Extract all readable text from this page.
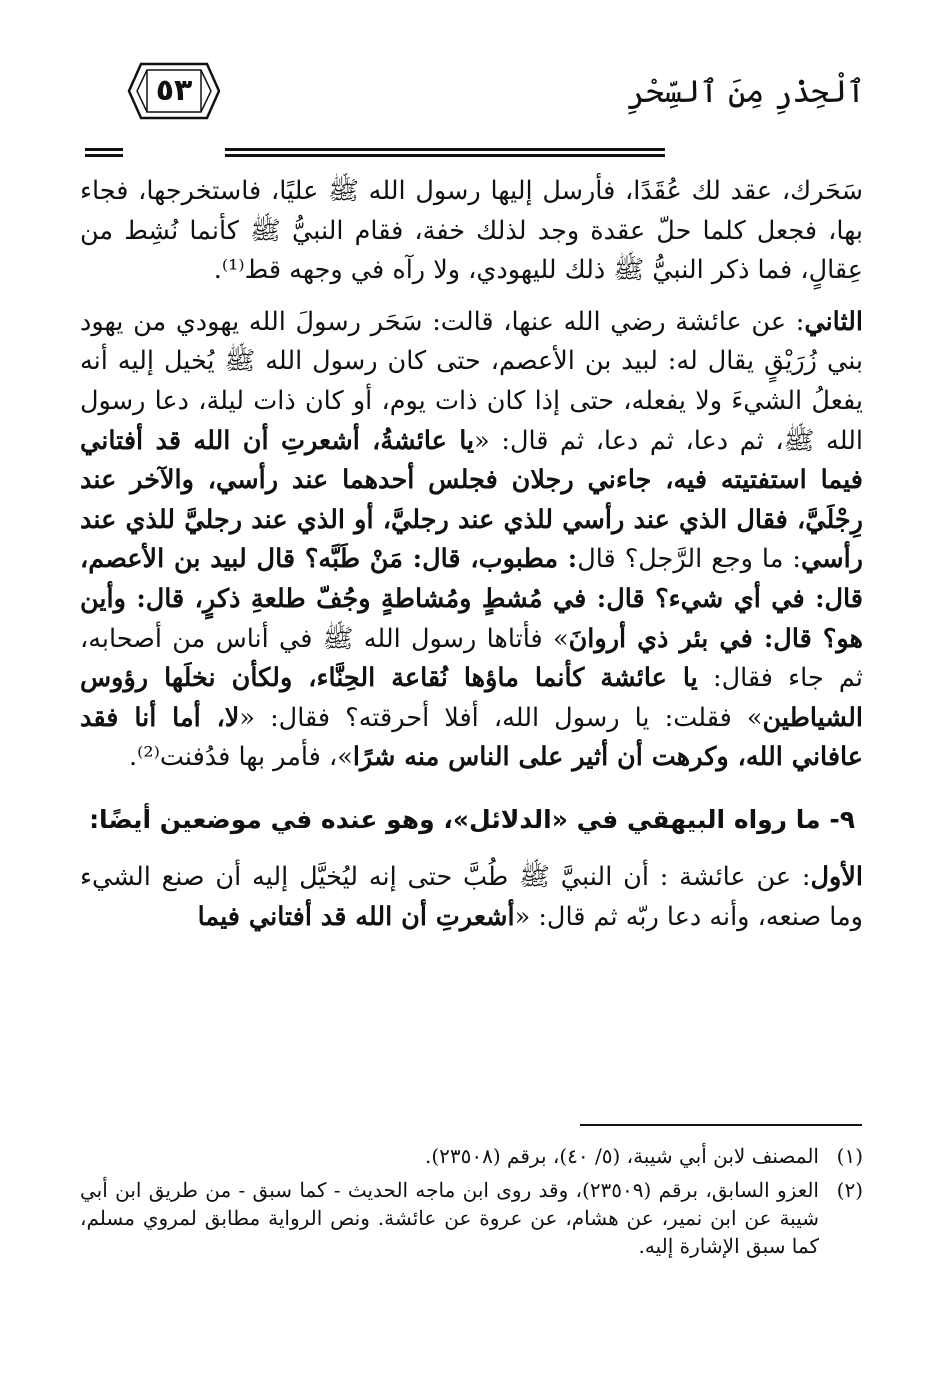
ٱلْحِذْرِ مِنَ ٱلسِّحْرِ
٥٣

سَحَرك، عقد لك عُقَدًا، فأرسل إليها رسول الله ﷺ عليًا، فاستخرجها، فجاء بها، فجعل كلما حلّ عقدة وجد لذلك خفة، فقام النبيُّ ﷺ كأنما نُشِط من عِقالٍ، فما ذكر النبيُّ ﷺ ذلك لليهودي، ولا رآه في وجهه قط⁽¹⁾.

الثاني: عن عائشة رضي الله عنها، قالت: سَحَر رسولَ الله يهودي من يهود بني زُرَيْقٍ يقال له: لبيد بن الأعصم، حتى كان رسول الله ﷺ يُخيل إليه أنه يفعلُ الشيءَ ولا يفعله، حتى إذا كان ذات يوم، أو كان ذات ليلة، دعا رسول الله ﷺ، ثم دعا، ثم دعا، ثم قال: «يا عائشةُ، أشعرتِ أن الله قد أفتاني فيما استفتيته فيه، جاءني رجلان فجلس أحدهما عند رأسي، والآخر عند رِجْلَيَّ، فقال الذي عند رأسي للذي عند رجليَّ، أو الذي عند رجليَّ للذي عند رأسي: ما وجع الرَّجل؟ قال: مطبوب، قال: مَنْ طَبَّه؟ قال لبيد بن الأعصم، قال: في أي شيء؟ قال: في مُشطٍ ومُشاطةٍ وجُفّ طلعةِ ذكرٍ، قال: وأين هو؟ قال: في بئر ذي أروانَ» فأتاها رسول الله ﷺ في أناس من أصحابه، ثم جاء فقال: يا عائشة كأنما ماؤها نُقاعة الحِنَّاء، ولكأن نخلَها رؤوس الشياطين» فقلت: يا رسول الله، أفلا أحرقته؟ فقال: «لا، أما أنا فقد عافاني الله، وكرهت أن أثير على الناس منه شرًا»، فأمر بها فدُفنت⁽²⁾.

٩- ما رواه البيهقي في «الدلائل»، وهو عنده في موضعين أيضًا:

الأول: عن عائشة : أن النبيَّ ﷺ طُبَّ حتى إنه ليُخيَّل إليه أن صنع الشيء وما صنعه، وأنه دعا ربّه ثم قال: «أشعرتِ أن الله قد أفتاني فيما

(١)
المصنف لابن أبي شيبة، (٥/ ٤٠)، برقم (٢٣٥٠٨).
(٢)
العزو السابق، برقم (٢٣٥٠٩)، وقد روى ابن ماجه الحديث - كما سبق - من طريق ابن أبي شيبة عن ابن نمير، عن هشام، عن عروة عن عائشة. ونص الرواية مطابق لمروي مسلم، كما سبق الإشارة إليه.
